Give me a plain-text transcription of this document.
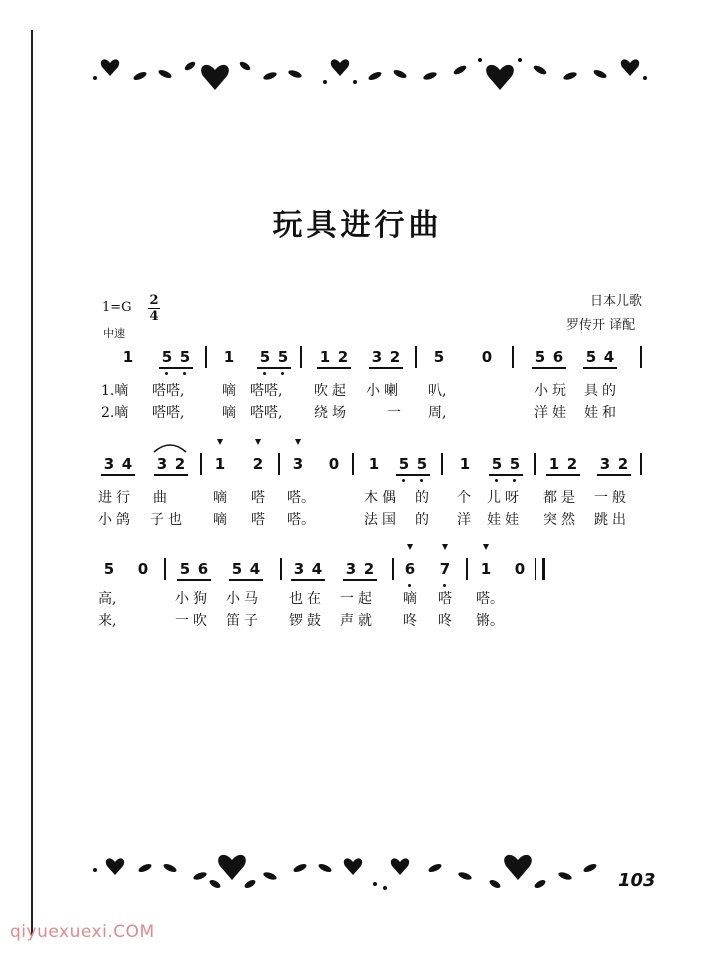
玩具进行曲
日本儿歌
罗传开 译配
1=G 2
4
中速
1 5 5 1 5 5 1 2 3 2 5	0	5 6 5 4
1.嘀	嗒嗒,	嘀 嗒嗒,	吹起 小喇 叭,	小玩 具的
2.嘀	嗒嗒,	嘀 嗒嗒,	绕场	一 周,	洋娃 娃和
3 4 3 2 1 2 3 0 1 5 5 1 5 5 1 2 3 2
进行 曲	嘀 嗒 嗒。	木偶 的 个 儿呀 都是 一般
小鸽 子也 嘀 嗒 嗒。	法国 的 洋 娃娃 突然 跳出
5 0 5 6 5 4 3 4 3 2 6 7 1 0
高,	小狗 小马 也在 一起 嘀 嗒 嗒。
来,	一吹 笛子 锣鼓 声就 咚 咚 锵。
103
qiyuexuexi.COM
